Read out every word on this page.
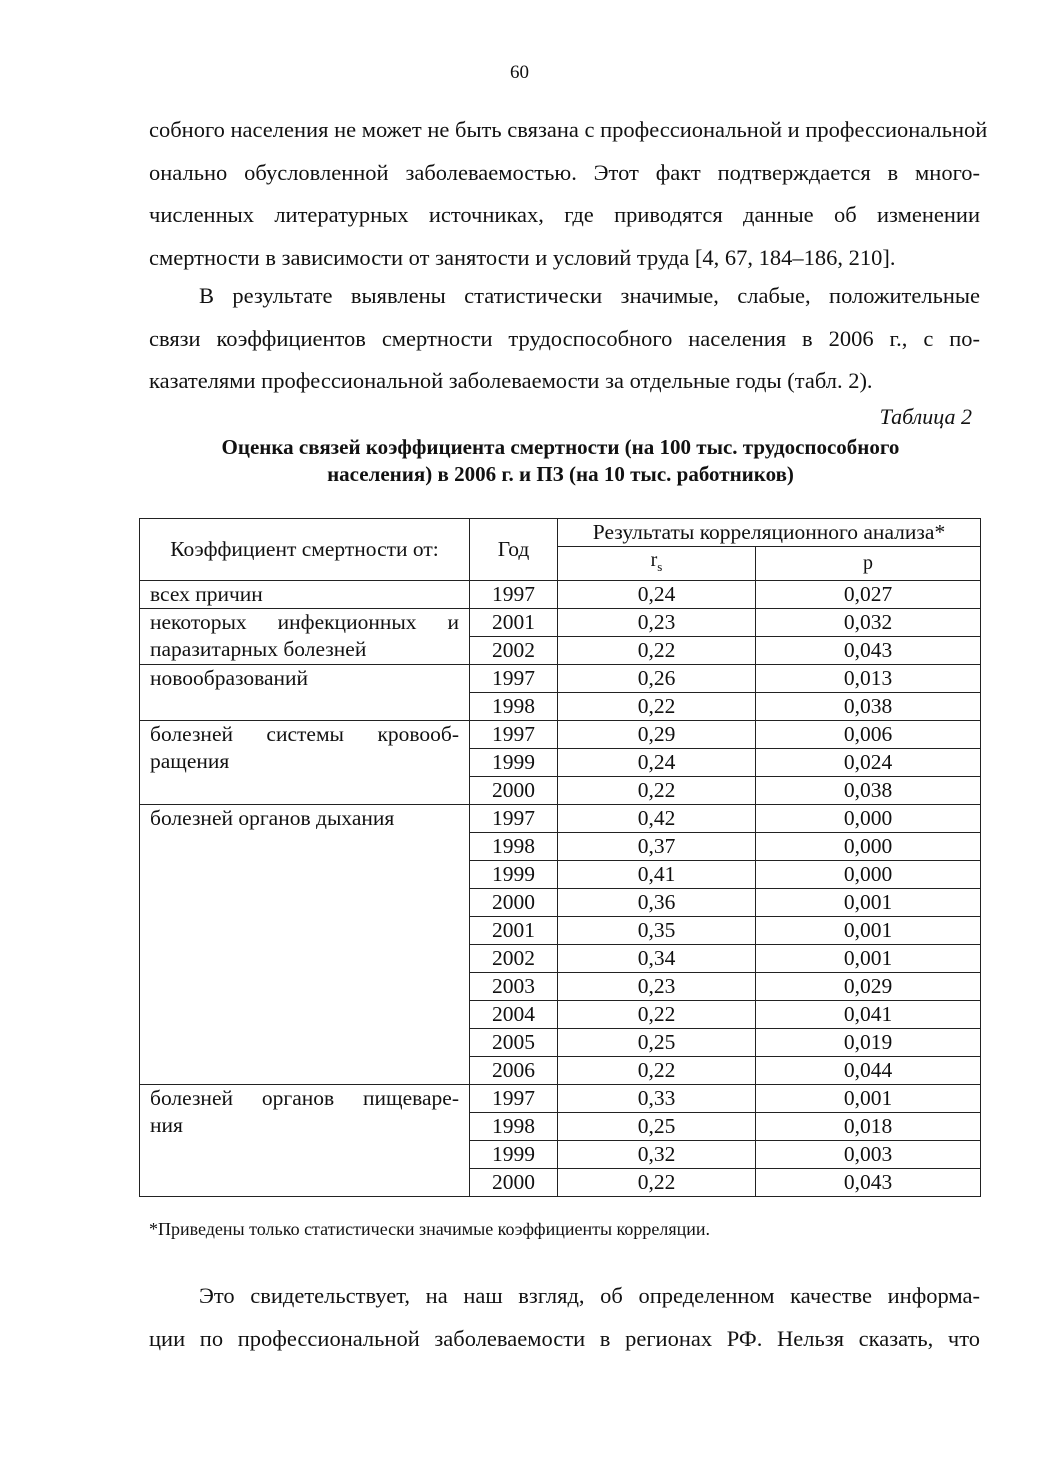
60
собного населения не может не быть связана с профессиональной и профессиональной
онально обусловленной заболеваемостью. Этот факт подтверждается в много-
численных литературных источниках, где приводятся данные об изменении
смертности в зависимости от занятости и условий труда [4, 67, 184–186, 210].
В результате выявлены статистически значимые, слабые, положительные
связи коэффициентов смертности трудоспособного населения в 2006 г., с по-
казателями профессиональной заболеваемости за отдельные годы (табл. 2).
Таблица 2
Оценка связей коэффициента смертности (на 100 тыс. трудоспособного
населения) в 2006 г. и ПЗ (на 10 тыс. работников)
Коэффициент смертности от:	Год	Результаты корреляционного анализа*	
		$r_s$	p

всех причин	1997	0,24	0,027

некоторых инфекционных и
паразитарных болезней	2001	0,23	0,032
	2002	0,22	0,043

новообразований	1997	0,26	0,013
	1998	0,22	0,038

болезней системы кровооб-
ращения	1997	0,29	0,006
	1999	0,24	0,024
	2000	0,22	0,038

болезней органов дыхания	1997	0,42	0,000
	1998	0,37	0,000
	1999	0,41	0,000
	2000	0,36	0,001
	2001	0,35	0,001
	2002	0,34	0,001
	2003	0,23	0,029
	2004	0,22	0,041
	2005	0,25	0,019
	2006	0,22	0,044

болезней органов пищеваре-
ния	1997	0,33	0,001
	1998	0,25	0,018
	1999	0,32	0,003
	2000	0,22	0,043
*Приведены только статистически значимые коэффициенты корреляции.
Это свидетельствует, на наш взгляд, об определенном качестве информа-
ции по профессиональной заболеваемости в регионах РФ. Нельзя сказать, что
